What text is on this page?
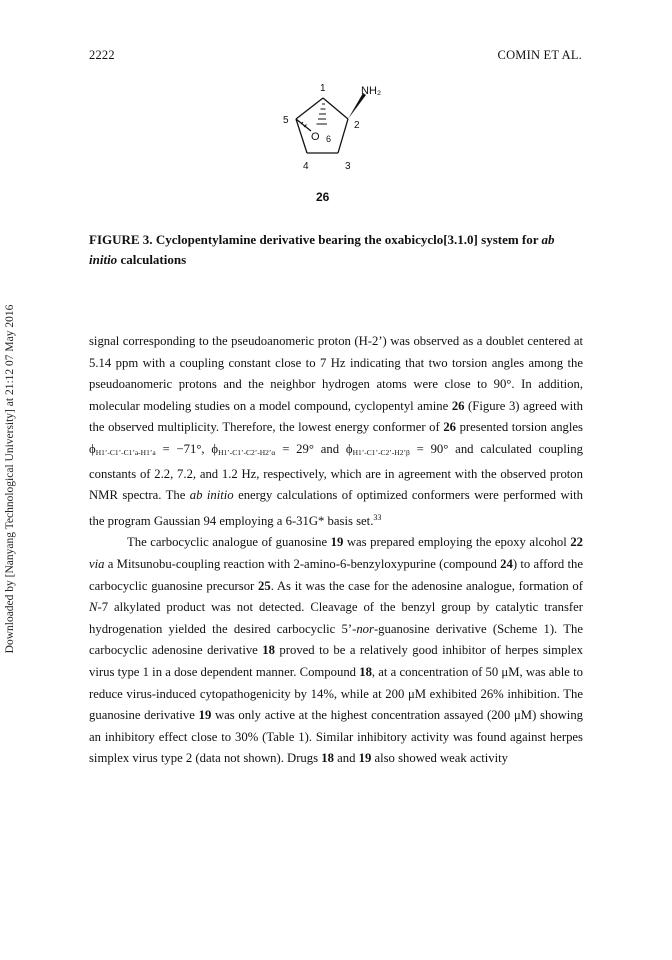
2222	COMIN ET AL.
Downloaded by [Nanyang Technological University] at 21:12 07 May 2016
1
2
3
4
5
O 6
NH₂
26
FIGURE 3. Cyclopentylamine derivative bearing the oxabicyclo[3.1.0] system for ab initio calculations

signal corresponding to the pseudoanomeric proton (H-2’) was observed as a doublet centered at 5.14 ppm with a coupling constant close to 7 Hz indicating that two torsion angles among the pseudoanomeric protons and the neighbor hydrogen atoms were close to 90°. In addition, molecular modeling studies on a model compound, cyclopentyl amine 26 (Figure 3) agreed with the observed multiplicity. Therefore, the lowest energy conformer of 26 presented torsion angles $\phi_{H1’-C1’-C1’a-H1’a} = -71^\circ$, $\phi_{H1’-C1’-C2’-H2’\alpha} = 29^\circ$ and $\phi_{H1’-C1’-C2’-H2’\beta} = 90^\circ$ and calculated coupling constants of 2.2, 7.2, and 1.2 Hz, respectively, which are in agreement with the observed proton NMR spectra. The ab initio energy calculations of optimized conformers were performed with the program Gaussian 94 employing a 6-31G* basis set.$^{33}$

The carbocyclic analogue of guanosine 19 was prepared employing the epoxy alcohol 22 via a Mitsunobu-coupling reaction with 2-amino-6-benzyloxypurine (compound 24) to afford the carbocyclic guanosine precursor 25. As it was the case for the adenosine analogue, formation of N-7 alkylated product was not detected. Cleavage of the benzyl group by catalytic transfer hydrogenation yielded the desired carbocyclic 5’-nor-guanosine derivative (Scheme 1). The carbocyclic adenosine derivative 18 proved to be a relatively good inhibitor of herpes simplex virus type 1 in a dose dependent manner. Compound 18, at a concentration of 50 μM, was able to reduce virus-induced cytopathogenicity by 14%, while at 200 μM exhibited 26% inhibition. The guanosine derivative 19 was only active at the highest concentration assayed (200 μM) showing an inhibitory effect close to 30% (Table 1). Similar inhibitory activity was found against herpes simplex virus type 2 (data not shown). Drugs 18 and 19 also showed weak activity
